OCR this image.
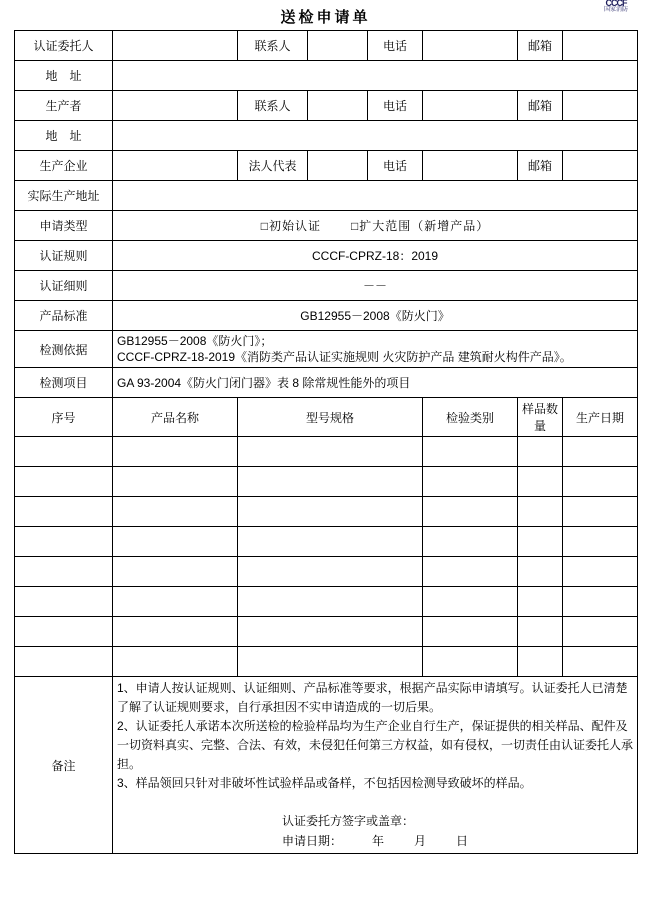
送检申请单
CCCF
国家消防
认证委托人		联系人		电话		邮箱	
地　址							
生产者		联系人		电话		邮箱	
地　址							
生产企业		法人代表		电话		邮箱	
实际生产地址							
申请类型	□初始认证 □扩大范围（新增产品）						
认证规则	CCCF-CPRZ-18：2019						
认证细则	－－						
产品标准	GB12955－2008《防火门》						
检测依据	GB12955－2008《防火门》；
CCCF-CPRZ-18-2019《消防类产品认证实施规则 火灾防护产品 建筑耐火构件产品》。						

检测项目	GA 93-2004《防火门闭门器》表 8 除常规性能外的项目						
序号	产品名称	型号规格			检验类别	样品数量	生产日期

备注	1、申请人按认证规则、认证细则、产品标准等要求，根据产品实际申请填写。认证委托人已清楚了解了认证规则要求，自行承担因不实申请造成的一切后果。

2、认证委托人承诺本次所送检的检验样品均为生产企业自行生产，保证提供的相关样品、配件及一切资料真实、完整、合法、有效，未侵犯任何第三方权益，如有侵权，一切责任由认证委托人承担。

3、样品领回只针对非破坏性试验样品或备样，不包括因检测导致破坏的样品。

认证委托方签字或盖章：
申请日期： 年 月 日						
